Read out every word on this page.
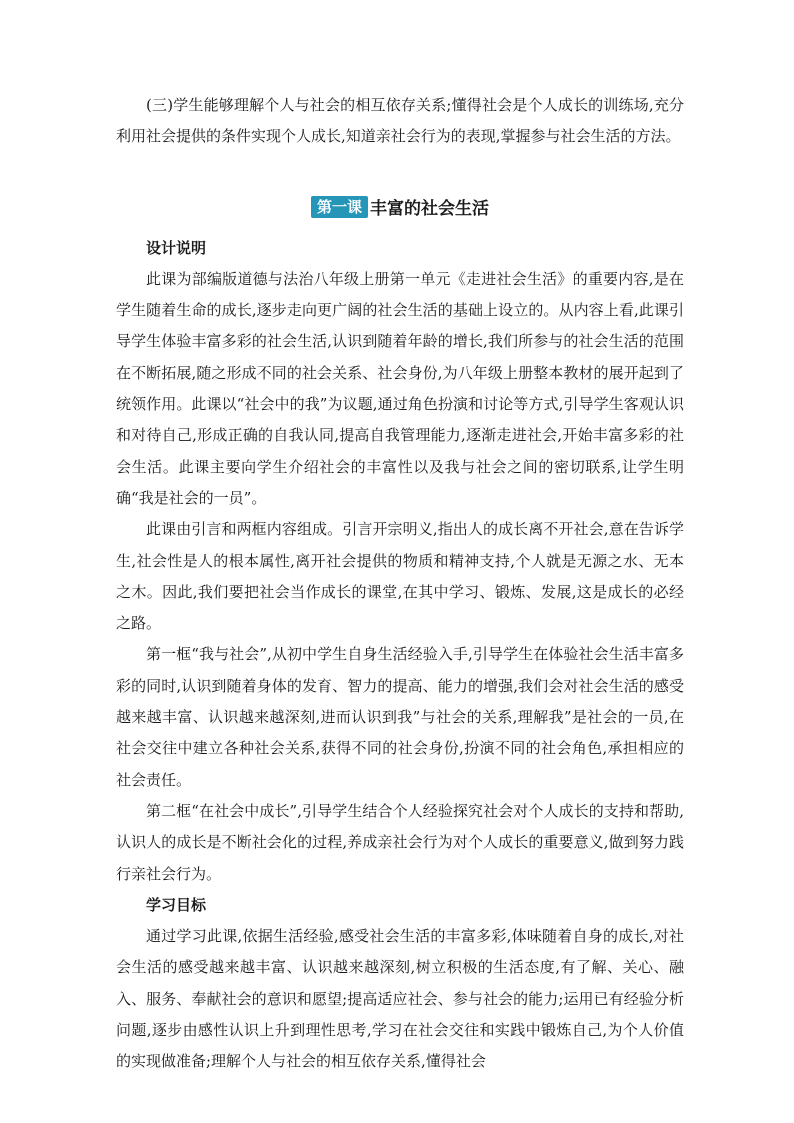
(三)学生能够理解个人与社会的相互依存关系;懂得社会是个人成长的训练场,充分利用社会提供的条件实现个人成长,知道亲社会行为的表现,掌握参与社会生活的方法。

第一课 丰富的社会生活
设计说明

此课为部编版道德与法治八年级上册第一单元《走进社会生活》的重要内容,是在学生随着生命的成长,逐步走向更广阔的社会生活的基础上设立的。从内容上看,此课引导学生体验丰富多彩的社会生活,认识到随着年龄的增长,我们所参与的社会生活的范围在不断拓展,随之形成不同的社会关系、社会身份,为八年级上册整本教材的展开起到了统领作用。此课以“社会中的我”为议题,通过角色扮演和讨论等方式,引导学生客观认识和对待自己,形成正确的自我认同,提高自我管理能力,逐渐走进社会,开始丰富多彩的社会生活。此课主要向学生介绍社会的丰富性以及我与社会之间的密切联系,让学生明确“我是社会的一员”。

此课由引言和两框内容组成。引言开宗明义,指出人的成长离不开社会,意在告诉学生,社会性是人的根本属性,离开社会提供的物质和精神支持,个人就是无源之水、无本之木。因此,我们要把社会当作成长的课堂,在其中学习、锻炼、发展,这是成长的必经之路。

第一框“我与社会”,从初中学生自身生活经验入手,引导学生在体验社会生活丰富多彩的同时,认识到随着身体的发育、智力的提高、能力的增强,我们会对社会生活的感受越来越丰富、认识越来越深刻,进而认识到我”与社会的关系,理解我”是社会的一员,在社会交往中建立各种社会关系,获得不同的社会身份,扮演不同的社会角色,承担相应的社会责任。

第二框“在社会中成长”,引导学生结合个人经验探究社会对个人成长的支持和帮助,认识人的成长是不断社会化的过程,养成亲社会行为对个人成长的重要意义,做到努力践行亲社会行为。

学习目标

通过学习此课,依据生活经验,感受社会生活的丰富多彩,体味随着自身的成长,对社会生活的感受越来越丰富、认识越来越深刻,树立积极的生活态度,有了解、关心、融入、服务、奉献社会的意识和愿望;提高适应社会、参与社会的能力;运用已有经验分析问题,逐步由感性认识上升到理性思考,学习在社会交往和实践中锻炼自己,为个人价值的实现做准备;理解个人与社会的相互依存关系,懂得社会
